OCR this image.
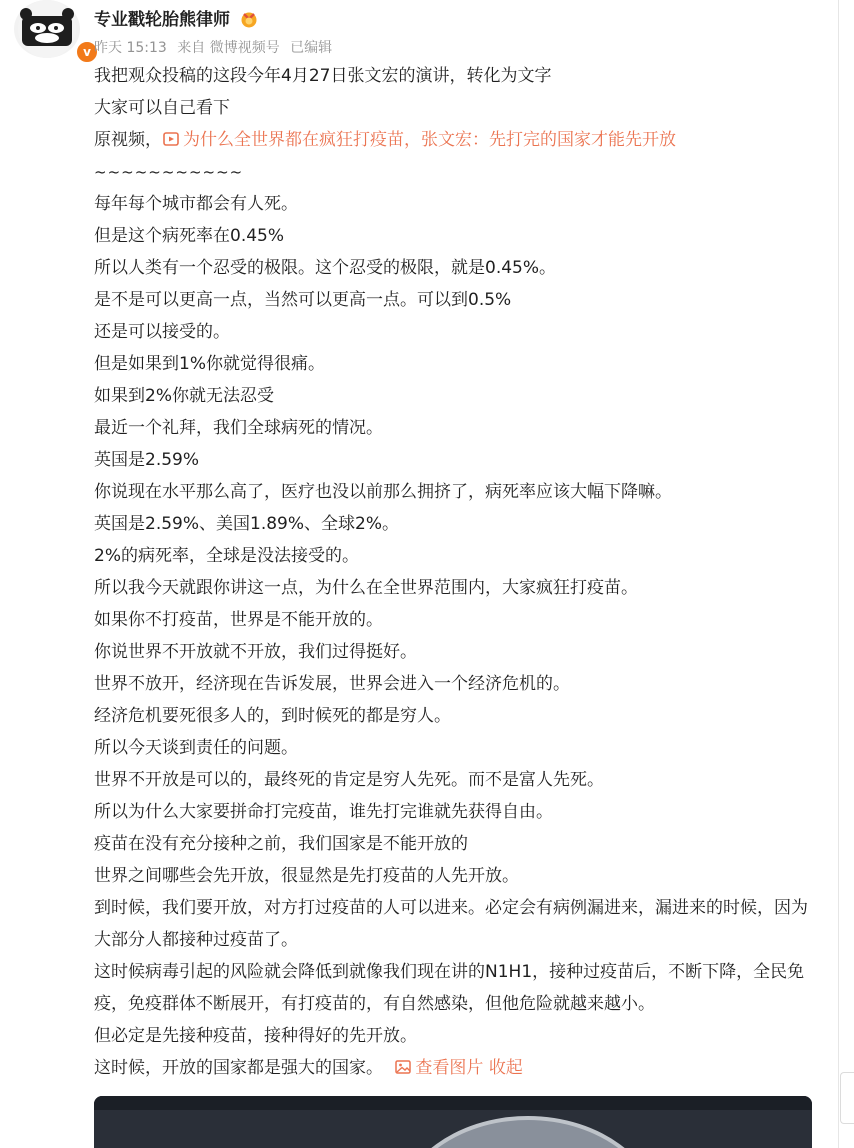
v
专业戳轮胎熊律师
昨天 15:13 来自 微博视频号 已编辑
我把观众投稿的这段今年4月27日张文宏的演讲，转化为文字
大家可以自己看下
原视频， 为什么全世界都在疯狂打疫苗，张文宏：先打完的国家才能先开放
~~~~~~~~~~~
每年每个城市都会有人死。
但是这个病死率在0.45%
所以人类有一个忍受的极限。这个忍受的极限，就是0.45%。
是不是可以更高一点，当然可以更高一点。可以到0.5%
还是可以接受的。
但是如果到1%你就觉得很痛。
如果到2%你就无法忍受
最近一个礼拜，我们全球病死的情况。
英国是2.59%
你说现在水平那么高了，医疗也没以前那么拥挤了，病死率应该大幅下降嘛。
英国是2.59%、美国1.89%、全球2%。
2%的病死率，全球是没法接受的。
所以我今天就跟你讲这一点，为什么在全世界范围内，大家疯狂打疫苗。
如果你不打疫苗，世界是不能开放的。
你说世界不开放就不开放，我们过得挺好。
世界不放开，经济现在告诉发展，世界会进入一个经济危机的。
经济危机要死很多人的，到时候死的都是穷人。
所以今天谈到责任的问题。
世界不开放是可以的，最终死的肯定是穷人先死。而不是富人先死。
所以为什么大家要拼命打完疫苗，谁先打完谁就先获得自由。
疫苗在没有充分接种之前，我们国家是不能开放的
世界之间哪些会先开放，很显然是先打疫苗的人先开放。
到时候，我们要开放，对方打过疫苗的人可以进来。必定会有病例漏进来，漏进来的时候，因为大部分人都接种过疫苗了。
这时候病毒引起的风险就会降低到就像我们现在讲的N1H1，接种过疫苗后，不断下降，全民免疫，免疫群体不断展开，有打疫苗的，有自然感染，但他危险就越来越小。
但必定是先接种疫苗，接种得好的先开放。
这时候，开放的国家都是强大的国家。 查看图片 收起
